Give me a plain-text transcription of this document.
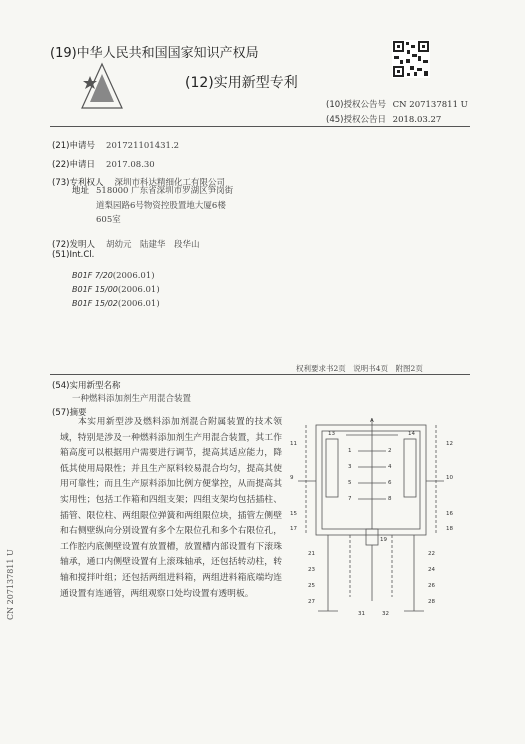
(19)中华人民共和国国家知识产权局
(12)实用新型专利
(10)授权公告号 CN 207137811 U
(45)授权公告日 2018.03.27
(21)申请号 201721101431.2
(22)申请日 2017.08.30
(73)专利权人 深圳市科达精细化工有限公司
地址 518000 广东省深圳市罗湖区笋岗街
道梨园路6号物资控股置地大厦6楼
605室
(72)发明人 胡幼元　陆建华　段华山
(51)Int.Cl.
B01F 7/20(2006.01)
B01F 15/00(2006.01)
B01F 15/02(2006.01)
权利要求书2页　说明书4页　附图2页
(54)实用新型名称
一种燃料添加剂生产用混合装置
(57)摘要
本实用新型涉及燃料添加剂混合附属装置的技术领域，特别是涉及一种燃料添加剂生产用混合装置，其工作箱高度可以根据用户需要进行调节，提高其适应能力，降低其使用局限性；并且生产原料较易混合均匀，提高其使用可靠性；而且生产原料添加比例方便掌控，从而提高其实用性；包括工作箱和四组支架；四组支架均包括插柱、插管、限位柱、两组限位弹簧和两组限位块，插管左侧壁和右侧壁纵向分别设置有多个左限位孔和多个右限位孔，工作腔内底侧壁设置有放置槽，放置槽内部设置有下滚珠轴承，通口内侧壁设置有上滚珠轴承，还包括转动柱，转轴和搅拌叶组；还包括两组进料箱，两组进料箱底端均连通设置有连通管，两组观察口处均设置有透明板。
CN 207137811 U
A
1	2
3	4
5	6
7	8
9	10
11	12
13	14
15	16
17	18
19
21	22
23	24
25	26
27	28
31	32
